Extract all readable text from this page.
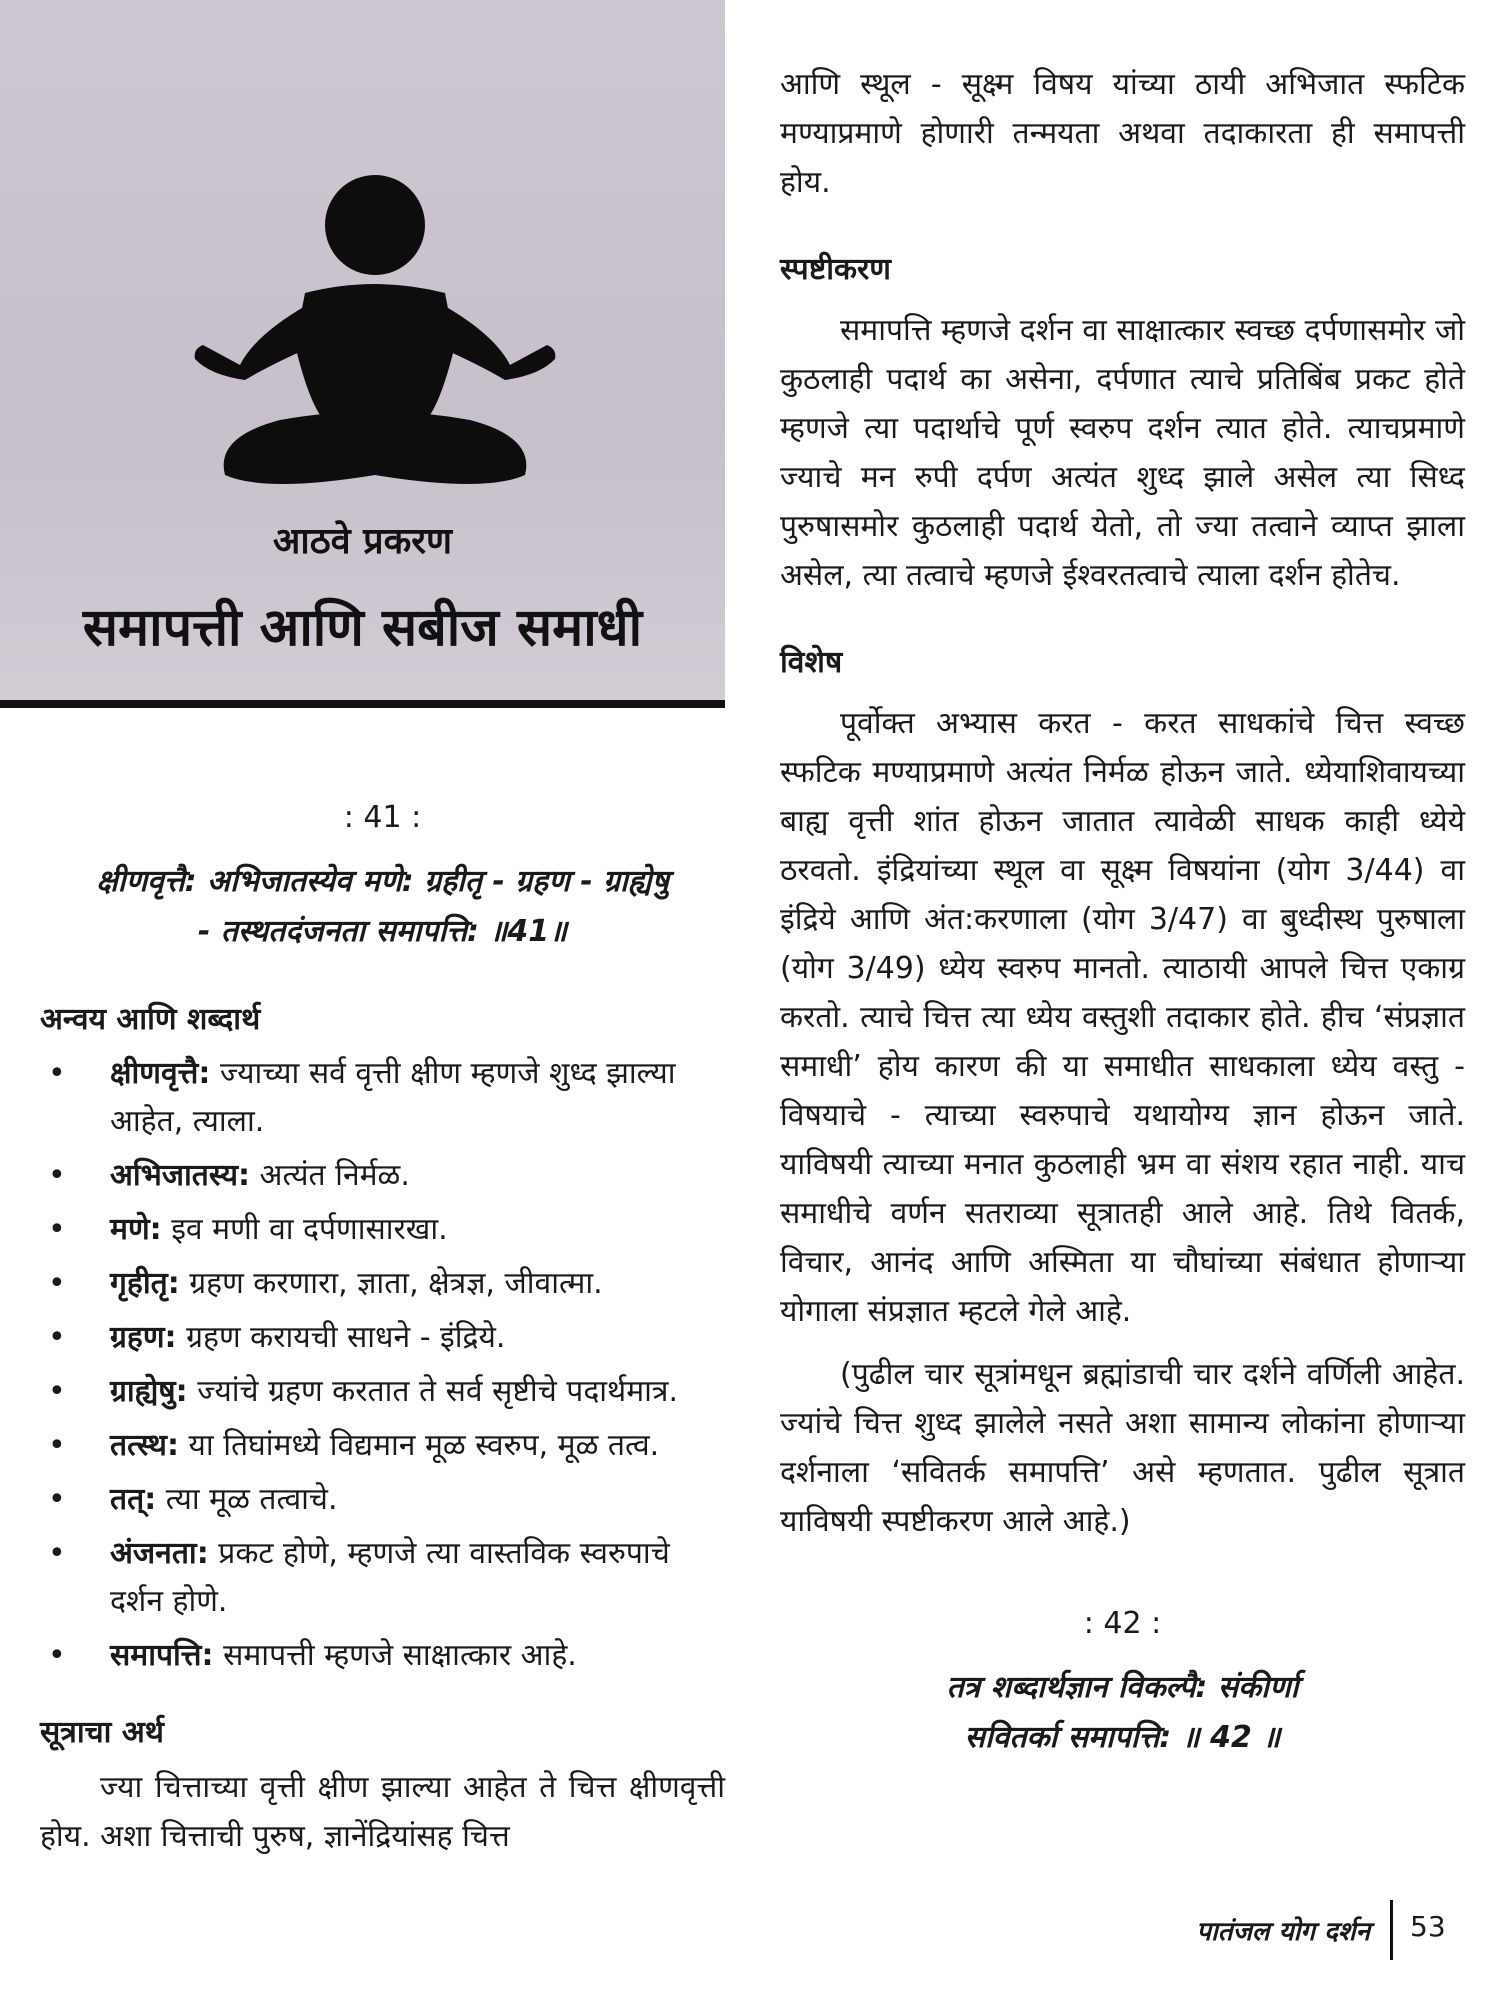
आठवे प्रकरण
समापत्ती आणि सबीज समाधी
: 41 :
क्षीणवृत्तै: अभिजातस्येव मणे: ग्रहीतृ - ग्रहण - ग्राह्येषु
- तस्थतदंजनता समापत्ति: ॥41॥
अन्वय आणि शब्दार्थ
• क्षीणवृत्तै: ज्याच्या सर्व वृत्ती क्षीण म्हणजे शुध्द झाल्या आहेत, त्याला.
• अभिजातस्य: अत्यंत निर्मळ.
• मणे: इव मणी वा दर्पणासारखा.
• गृहीतृ: ग्रहण करणारा, ज्ञाता, क्षेत्रज्ञ, जीवात्मा.
• ग्रहण: ग्रहण करायची साधने - इंद्रिये.
• ग्राह्येषु: ज्यांचे ग्रहण करतात ते सर्व सृष्टीचे पदार्थमात्र.
• तत्स्थ: या तिघांमध्ये विद्यमान मूळ स्वरुप, मूळ तत्व.
• तत्: त्या मूळ तत्वाचे.
• अंजनता: प्रकट होणे, म्हणजे त्या वास्तविक स्वरुपाचे दर्शन होणे.
• समापत्ति: समापत्ती म्हणजे साक्षात्कार आहे.
सूत्राचा अर्थ

ज्या चित्ताच्या वृत्ती क्षीण झाल्या आहेत ते चित्त क्षीणवृत्ती होय. अशा चित्ताची पुरुष, ज्ञानेंद्रियांसह चित्त

आणि स्थूल - सूक्ष्म विषय यांच्या ठायी अभिजात स्फटिक मण्याप्रमाणे होणारी तन्मयता अथवा तदाकारता ही समापत्ती होय.

स्पष्टीकरण

समापत्ति म्हणजे दर्शन वा साक्षात्कार स्वच्छ दर्पणासमोर जो कुठलाही पदार्थ का असेना, दर्पणात त्याचे प्रतिबिंब प्रकट होते म्हणजे त्या पदार्थाचे पूर्ण स्वरुप दर्शन त्यात होते. त्याचप्रमाणे ज्याचे मन रुपी दर्पण अत्यंत शुध्द झाले असेल त्या सिध्द पुरुषासमोर कुठलाही पदार्थ येतो, तो ज्या तत्वाने व्याप्त झाला असेल, त्या तत्वाचे म्हणजे ईश्वरतत्वाचे त्याला दर्शन होतेच.

विशेष

पूर्वोक्त अभ्यास करत - करत साधकांचे चित्त स्वच्छ स्फटिक मण्याप्रमाणे अत्यंत निर्मळ होऊन जाते. ध्येयाशिवायच्या बाह्य वृत्ती शांत होऊन जातात त्यावेळी साधक काही ध्येये ठरवतो. इंद्रियांच्या स्थूल वा सूक्ष्म विषयांना (योग 3/44) वा इंद्रिये आणि अंत:करणाला (योग 3/47) वा बुध्दीस्थ पुरुषाला (योग 3/49) ध्येय स्वरुप मानतो. त्याठायी आपले चित्त एकाग्र करतो. त्याचे चित्त त्या ध्येय वस्तुशी तदाकार होते. हीच ‘संप्रज्ञात समाधी’ होय कारण की या समाधीत साधकाला ध्येय वस्तु - विषयाचे - त्याच्या स्वरुपाचे यथायोग्य ज्ञान होऊन जाते. याविषयी त्याच्या मनात कुठलाही भ्रम वा संशय रहात नाही. याच समाधीचे वर्णन सतराव्या सूत्रातही आले आहे. तिथे वितर्क, विचार, आनंद आणि अस्मिता या चौघांच्या संबंधात होणाऱ्या योगाला संप्रज्ञात म्हटले गेले आहे.

(पुढील चार सूत्रांमधून ब्रह्मांडाची चार दर्शने वर्णिली आहेत. ज्यांचे चित्त शुध्द झालेले नसते अशा सामान्य लोकांना होणाऱ्या दर्शनाला ‘सवितर्क समापत्ति’ असे म्हणतात. पुढील सूत्रात याविषयी स्पष्टीकरण आले आहे.)

: 42 :
तत्र शब्दार्थज्ञान विकल्पै: संकीर्णा
सवितर्का समापत्ति: ॥ 42 ॥
पातंजल योग दर्शन 53
